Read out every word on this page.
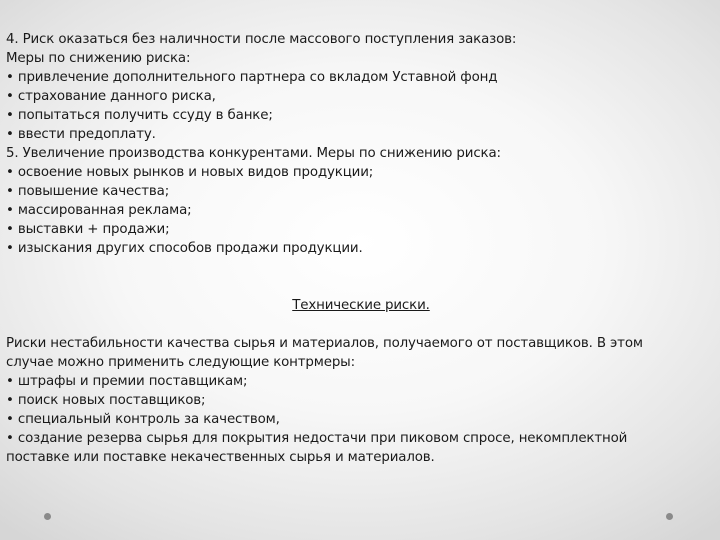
4. Риск оказаться без наличности после массового поступления заказов:
Меры по снижению риска:
• привлечение дополнительного партнера со вкладом Уставной фонд
• страхование данного риска,
• попытаться получить ссуду в банке;
• ввести предоплату.
5. Увеличение производства конкурентами. Меры по снижению риска:
• освоение новых рынков и новых видов продукции;
• повышение качества;
• массированная реклама;
• выставки + продажи;
• изыскания других способов продажи продукции.
Технические риски.
Риски нестабильности качества сырья и материалов, получаемого от поставщиков. В этом
случае можно применить следующие контрмеры:
• штрафы и премии поставщикам;
• поиск новых поставщиков;
• специальный контроль за качеством,
• создание резерва сырья для покрытия недостачи при пиковом спросе, некомплектной
поставке или поставке некачественных сырья и материалов.
